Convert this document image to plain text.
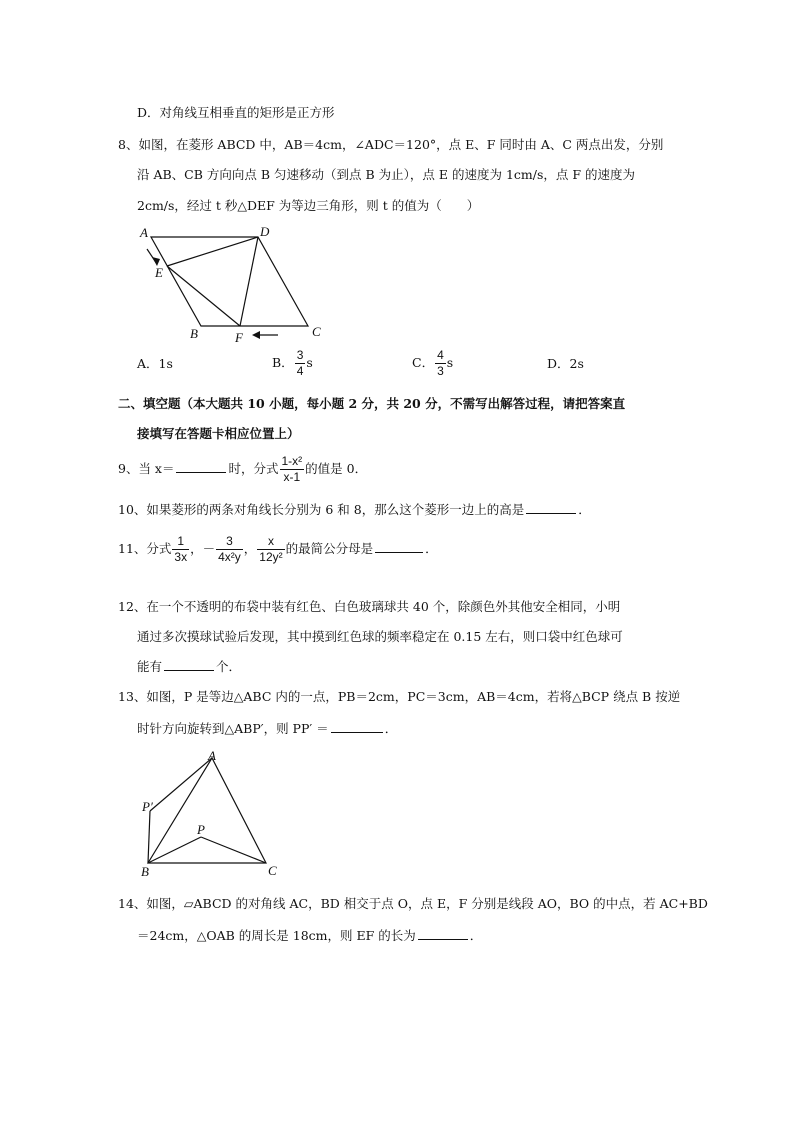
D．对角线互相垂直的矩形是正方形
8、如图，在菱形 ABCD 中，AB＝4cm，∠ADC＝120°，点 E、F 同时由 A、C 两点出发，分别
沿 AB、CB 方向向点 B 匀速移动（到点 B 为止），点 E 的速度为 1cm/s，点 F 的速度为
2cm/s，经过 t 秒△DEF 为等边三角形，则 t 的值为（　　）
A	D
E
B	F	C
A．1s	B． $\frac{3}{4}$ s	C． $\frac{4}{3}$ s	D．2s
二、填空题（本大题共 10 小题，每小题 2 分，共 20 分，不需写出解答过程，请把答案直
接填写在答题卡相应位置上）
9、当 x＝	时，分式 $\frac{\text{1-x²}}{x-1}$ 的值是 0．
10、如果菱形的两条对角线长分别为 6 和 8，那么这个菱形一边上的高是	．
11、分式 $\frac{1}{3x}$ ，－ $\frac{3}{\text{4x²y}}$ ， $\frac{x}{\text{12y²}}$ 的最简公分母是	．
12、在一个不透明的布袋中装有红色、白色玻璃球共 40 个，除颜色外其他安全相同，小明
通过多次摸球试验后发现，其中摸到红色球的频率稳定在 0.15 左右，则口袋中红色球可
能有	个．
13、如图，P 是等边△ABC 内的一点，PB＝2cm，PC＝3cm，AB＝4cm，若将△BCP 绕点 B 按逆
时针方向旋转到△ABP′，则 PP′ ＝	．
A
P′
P
B	C
14、如图，▱ABCD 的对角线 AC，BD 相交于点 O，点 E，F 分别是线段 AO，BO 的中点，若 AC+BD
＝24cm，△OAB 的周长是 18cm，则 EF 的长为	．
